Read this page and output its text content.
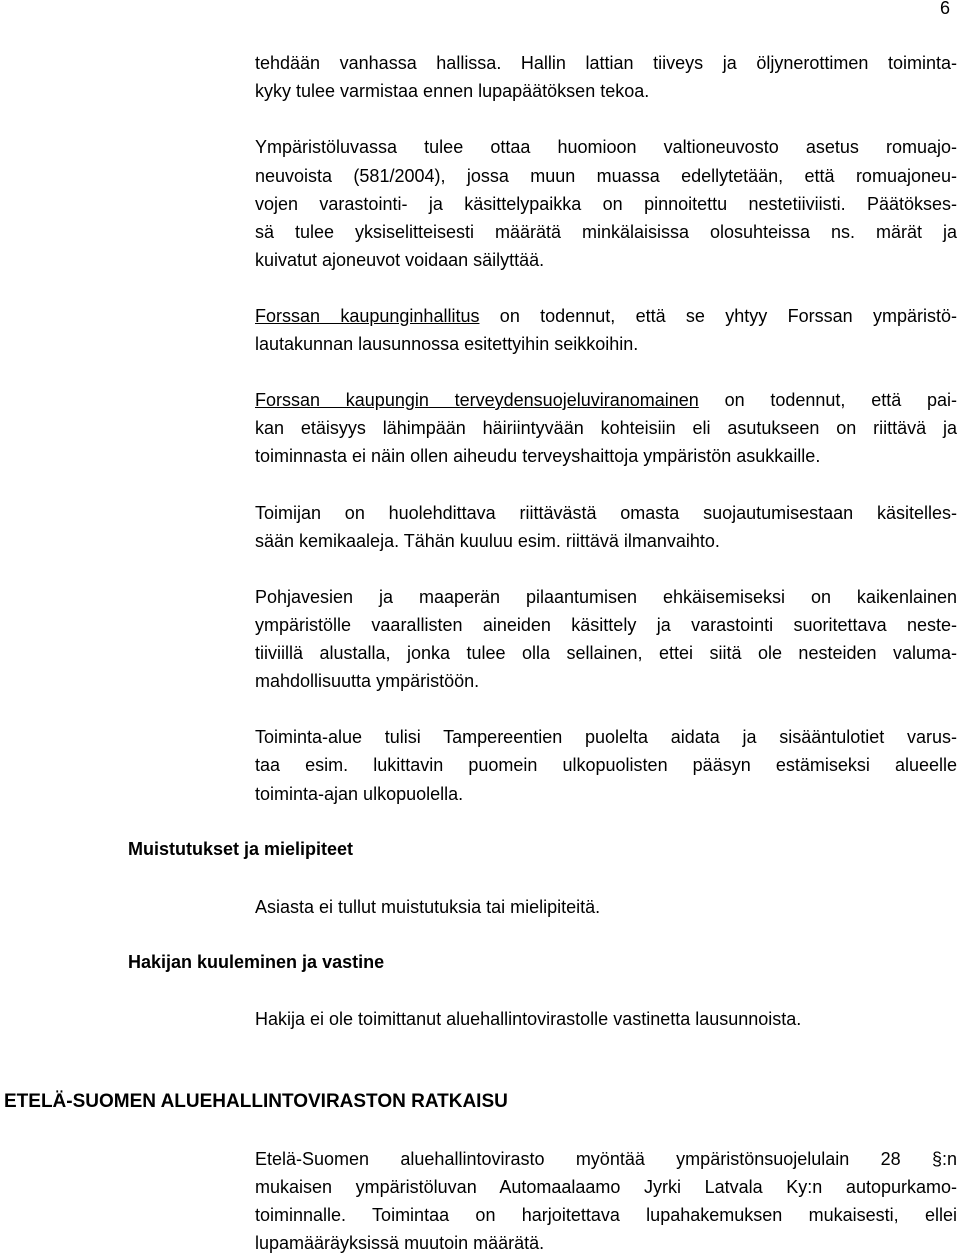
6
tehdään vanhassa hallissa. Hallin lattian tiiveys ja öljynerottimen toiminta-
kyky tulee varmistaa ennen lupapäätöksen tekoa.
Ympäristöluvassa tulee ottaa huomioon valtioneuvosto asetus romuajo-
neuvoista (581/2004), jossa muun muassa edellytetään, että romuajoneu-
vojen varastointi- ja käsittelypaikka on pinnoitettu nestetiiviisti. Päätökses-
sä tulee yksiselitteisesti määrätä minkälaisissa olosuhteissa ns. märät ja
kuivatut ajoneuvot voidaan säilyttää.
Forssan kaupunginhallitus on todennut, että se yhtyy Forssan ympäristö-
lautakunnan lausunnossa esitettyihin seikkoihin.
Forssan kaupungin terveydensuojeluviranomainen on todennut, että pai-
kan etäisyys lähimpään häiriintyvään kohteisiin eli asutukseen on riittävä ja
toiminnasta ei näin ollen aiheudu terveyshaittoja ympäristön asukkaille.
Toimijan on huolehdittava riittävästä omasta suojautumisestaan käsitelles-
sään kemikaaleja. Tähän kuuluu esim. riittävä ilmanvaihto.
Pohjavesien ja maaperän pilaantumisen ehkäisemiseksi on kaikenlainen
ympäristölle vaarallisten aineiden käsittely ja varastointi suoritettava neste-
tiiviillä alustalla, jonka tulee olla sellainen, ettei siitä ole nesteiden valuma-
mahdollisuutta ympäristöön.
Toiminta-alue tulisi Tampereentien puolelta aidata ja sisääntulotiet varus-
taa esim. lukittavin puomein ulkopuolisten pääsyn estämiseksi alueelle
toiminta-ajan ulkopuolella.
Muistutukset ja mielipiteet
Asiasta ei tullut muistutuksia tai mielipiteitä.
Hakijan kuuleminen ja vastine
Hakija ei ole toimittanut aluehallintovirastolle vastinetta lausunnoista.
ETELÄ-SUOMEN ALUEHALLINTOVIRASTON RATKAISU
Etelä-Suomen aluehallintovirasto myöntää ympäristönsuojelulain 28 §:n
mukaisen ympäristöluvan Automaalaamo Jyrki Latvala Ky:n autopurkamo-
toiminnalle. Toimintaa on harjoitettava lupahakemuksen mukaisesti, ellei
lupamääräyksissä muutoin määrätä.
